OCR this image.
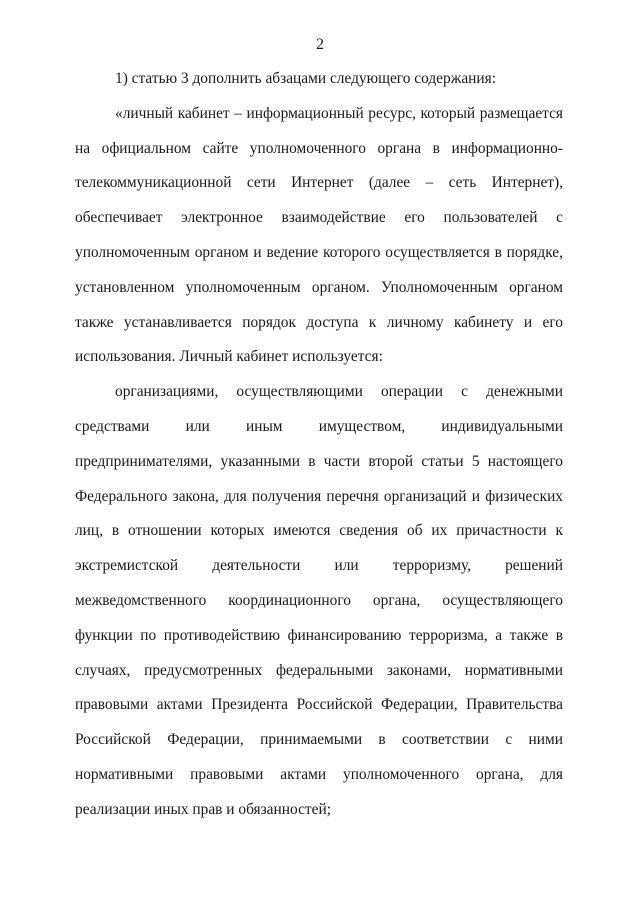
2

1) статью 3 дополнить абзацами следующего содержания:

«личный кабинет – информационный ресурс, который размещается на официальном сайте уполномоченного органа в информационно-телекоммуникационной сети Интернет (далее – сеть Интернет), обеспечивает электронное взаимодействие его пользователей с уполномоченным органом и ведение которого осуществляется в порядке, установленном уполномоченным органом. Уполномоченным органом также устанавливается порядок доступа к личному кабинету и его использования. Личный кабинет используется:

организациями, осуществляющими операции с денежными средствами или иным имуществом, индивидуальными предпринимателями, указанными в части второй статьи 5 настоящего Федерального закона, для получения перечня организаций и физических лиц, в отношении которых имеются сведения об их причастности к экстремистской деятельности или терроризму, решений межведомственного координационного органа, осуществляющего функции по противодействию финансированию терроризма, а также в случаях, предусмотренных федеральными законами, нормативными правовыми актами Президента Российской Федерации, Правительства Российской Федерации, принимаемыми в соответствии с ними нормативными правовыми актами уполномоченного органа, для реализации иных прав и обязанностей;
